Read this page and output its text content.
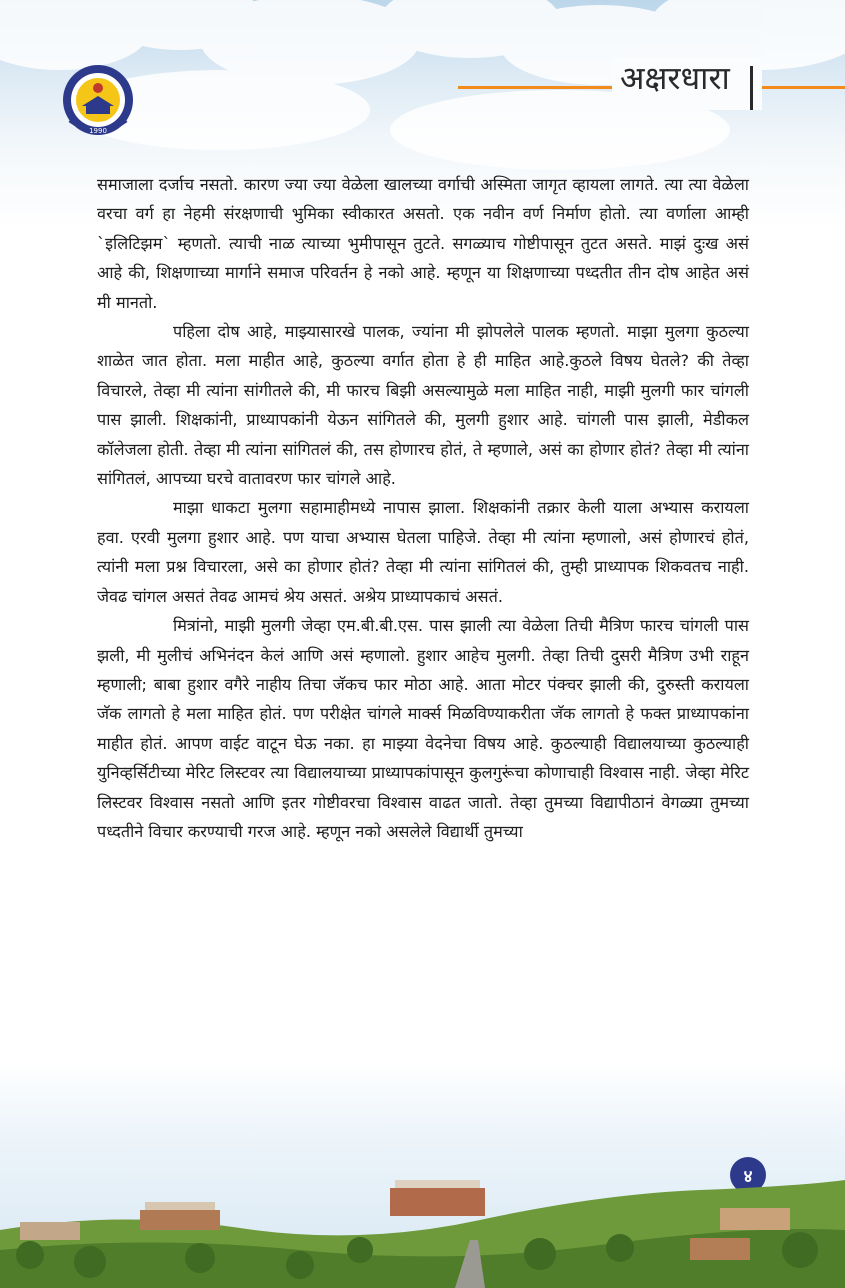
1990
अक्षरधारा

समाजाला दर्जाच नसतो. कारण ज्या ज्या वेळेला खालच्या वर्गाची अस्मिता जागृत व्हायला लागते. त्या त्या वेळेला वरचा वर्ग हा नेहमी संरक्षणाची भुमिका स्वीकारत असतो. एक नवीन वर्ण निर्माण होतो. त्या वर्णाला आम्ही `इलिटिझम` म्हणतो. त्याची नाळ त्याच्या भुमीपासून तुटते. सगळ्याच गोष्टीपासून तुटत असते. माझं दुःख असं आहे की, शिक्षणाच्या मार्गाने समाज परिवर्तन हे नको आहे. म्हणून या शिक्षणाच्या पध्दतीत तीन दोष आहेत असं मी मानतो.

पहिला दोष आहे, माझ्यासारखे पालक, ज्यांना मी झोपलेले पालक म्हणतो. माझा मुलगा कुठल्या शाळेत जात होता. मला माहीत आहे, कुठल्या वर्गात होता हे ही माहित आहे.कुठले विषय घेतले? की तेव्हा विचारले, तेव्हा मी त्यांना सांगीतले की, मी फारच बिझी असल्यामुळे मला माहित नाही, माझी मुलगी फार चांगली पास झाली. शिक्षकांनी, प्राध्यापकांनी येऊन सांगितले की, मुलगी हुशार आहे. चांगली पास झाली, मेडीकल कॉलेजला होती. तेव्हा मी त्यांना सांगितलं की, तस होणारच होतं, ते म्हणाले, असं का होणार होतं? तेव्हा मी त्यांना सांगितलं, आपच्या घरचे वातावरण फार चांगले आहे.

माझा धाकटा मुलगा सहामाहीमध्ये नापास झाला. शिक्षकांनी तक्रार केली याला अभ्यास करायला हवा. एरवी मुलगा हुशार आहे. पण याचा अभ्यास घेतला पाहिजे. तेव्हा मी त्यांना म्हणालो, असं होणारचं होतं, त्यांनी मला प्रश्न विचारला, असे का होणार होतं? तेव्हा मी त्यांना सांगितलं की, तुम्ही प्राध्यापक शिकवतच नाही. जेवढ चांगल असतं तेवढ आमचं श्रेय असतं. अश्रेय प्राध्यापकाचं असतं.

मित्रांनो, माझी मुलगी जेव्हा एम.बी.बी.एस. पास झाली त्या वेळेला तिची मैत्रिण फारच चांगली पास झली, मी मुलीचं अभिनंदन केलं आणि असं म्हणालो. हुशार आहेच मुलगी. तेव्हा तिची दुसरी मैत्रिण उभी राहून म्हणाली; बाबा हुशार वगैरे नाहीय तिचा जॅकच फार मोठा आहे. आता मोटर पंक्चर झाली की, दुरुस्ती करायला जॅक लागतो हे मला माहित होतं. पण परीक्षेत चांगले मार्क्स मिळविण्याकरीता जॅक लागतो हे फक्त प्राध्यापकांना माहीत होतं. आपण वाईट वाटून घेऊ नका. हा माझ्या वेदनेचा विषय आहे. कुठल्याही विद्यालयाच्या कुठल्याही युनिव्हर्सिटीच्या मेरिट लिस्टवर त्या विद्यालयाच्या प्राध्यापकांपासून कुलगुरूंचा कोणाचाही विश्वास नाही. जेव्हा मेरिट लिस्टवर विश्वास नसतो आणि इतर गोष्टीवरचा विश्वास वाढत जातो. तेव्हा तुमच्या विद्यापीठानं वेगळ्या तुमच्या पध्दतीने विचार करण्याची गरज आहे. म्हणून नको असलेले विद्यार्थी तुमच्या

४
